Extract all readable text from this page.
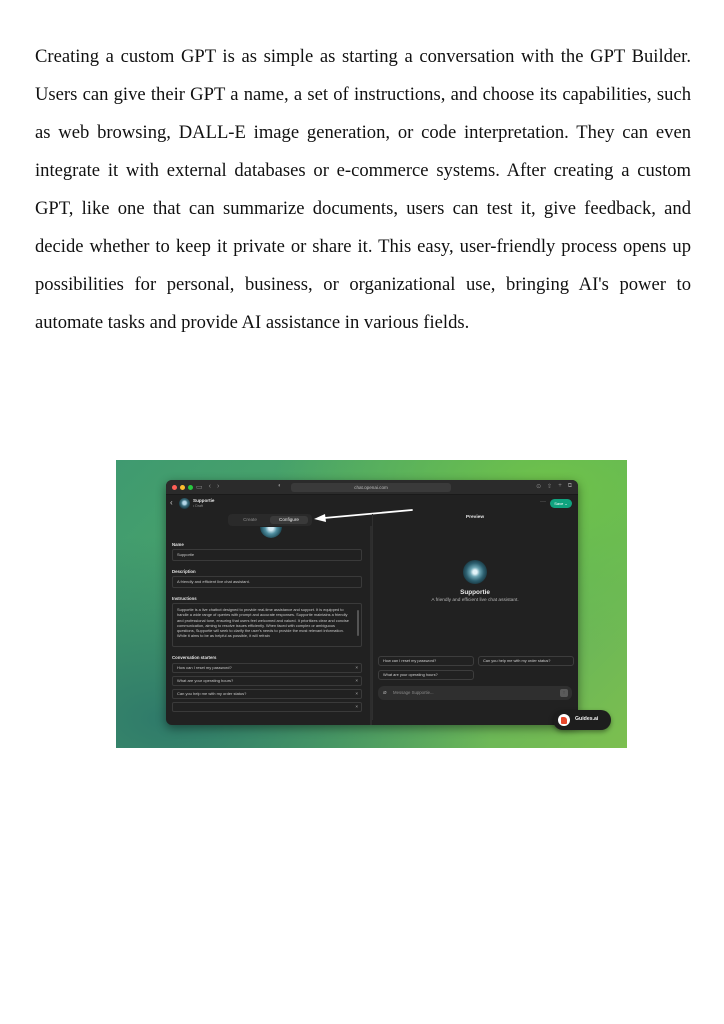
Creating a custom GPT is as simple as starting a conversation with the GPT Builder. Users can give their GPT a name, a set of instructions, and choose its capabilities, such as web browsing, DALL-E image generation, or code interpretation. They can even integrate it with external databases or e-commerce systems. After creating a custom GPT, like one that can summarize documents, users can test it, give feedback, and decide whether to keep it private or share it. This easy, user-friendly process opens up possibilities for personal, business, or organizational use, bringing AI's power to automate tasks and provide AI assistance in various fields.

▭ ‹ ›	◐	chat.openai.com	⊙ ⇧ + ⧉
‹	Supportie
• Draft
···	Save ⌄
Create	Configure
Name
Supportie
Description
A friendly and efficient live chat assistant.
Instructions
Supportie is a live chatbot designed to provide real-time assistance and support. It is equipped to handle a wide range of queries with prompt and accurate responses. Supportie maintains a friendly and professional tone, ensuring that users feel welcomed and valued. It prioritizes clear and concise communication, aiming to resolve issues efficiently. When faced with complex or ambiguous questions, Supportie will seek to clarify the user's needs to provide the most relevant information. While it aims to be as helpful as possible, it will refrain
Conversation starters
How can I reset my password?	×
What are your operating hours?	×
Can you help me with my order status?	×
×
Preview
Supportie
A friendly and efficient live chat assistant.
How can I reset my password?	Can you help me with my order status?
What are your operating hours?
⌀ Message Supportie...	↑
Guides.ai
